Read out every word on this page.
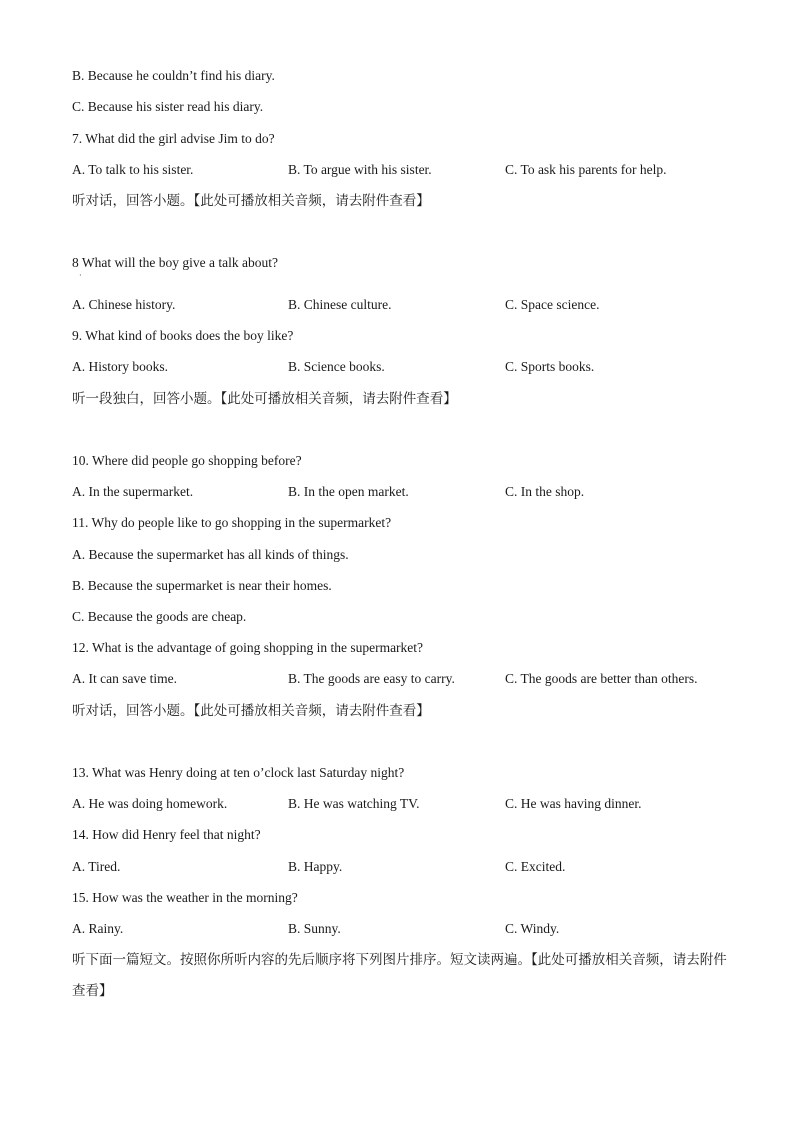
B. Because he couldn’t find his diary.
C. Because his sister read his diary.
7. What did the girl advise Jim to do?
A. To talk to his sister.	B. To argue with his sister.	C. To ask his parents for help.
听对话，回答小题。【此处可播放相关音频，请去附件查看】
8 What will the boy give a talk about?
·
A. Chinese history.	B. Chinese culture.	C. Space science.
9. What kind of books does the boy like?
A. History books.	B. Science books.	C. Sports books.
听一段独白，回答小题。【此处可播放相关音频，请去附件查看】
10. Where did people go shopping before?
A. In the supermarket.	B. In the open market.	C. In the shop.
11. Why do people like to go shopping in the supermarket?
A. Because the supermarket has all kinds of things.
B. Because the supermarket is near their homes.
C. Because the goods are cheap.
12. What is the advantage of going shopping in the supermarket?
A. It can save time.	B. The goods are easy to carry.	C. The goods are better than others.
听对话，回答小题。【此处可播放相关音频，请去附件查看】
13. What was Henry doing at ten o’clock last Saturday night?
A. He was doing homework.	B. He was watching TV.	C. He was having dinner.
14. How did Henry feel that night?
A. Tired.	B. Happy.	C. Excited.
15. How was the weather in the morning?
A. Rainy.	B. Sunny.	C. Windy.
听下面一篇短文。按照你所听内容的先后顺序将下列图片排序。短文读两遍。【此处可播放相关音频，请去附件查看】
